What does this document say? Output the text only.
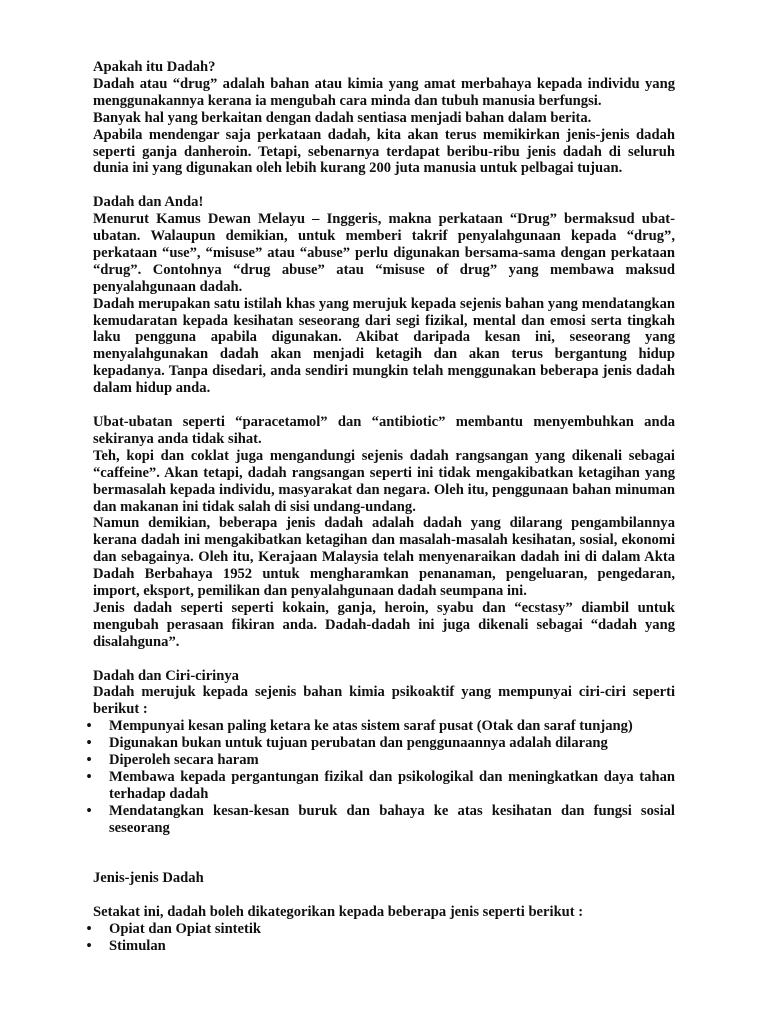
Apakah itu Dadah?

Dadah atau “drug” adalah bahan atau kimia yang amat merbahaya kepada individu yang menggunakannya kerana ia mengubah cara minda dan tubuh manusia berfungsi.

Banyak hal yang berkaitan dengan dadah sentiasa menjadi bahan dalam berita.

Apabila mendengar saja perkataan dadah, kita akan terus memikirkan jenis-jenis dadah seperti ganja danheroin. Tetapi, sebenarnya terdapat beribu-ribu jenis dadah di seluruh dunia ini yang digunakan oleh lebih kurang 200 juta manusia untuk pelbagai tujuan.

Dadah dan Anda!

Menurut Kamus Dewan Melayu – Inggeris, makna perkataan “Drug” bermaksud ubat-ubatan. Walaupun demikian, untuk memberi takrif penyalahgunaan kepada “drug”, perkataan “use”, “misuse” atau “abuse” perlu digunakan bersama-sama dengan perkataan “drug”. Contohnya “drug abuse” atau “misuse of drug” yang membawa maksud penyalahgunaan dadah.

Dadah merupakan satu istilah khas yang merujuk kepada sejenis bahan yang mendatangkan kemudaratan kepada kesihatan seseorang dari segi fizikal, mental dan emosi serta tingkah laku pengguna apabila digunakan. Akibat daripada kesan ini, seseorang yang menyalahgunakan dadah akan menjadi ketagih dan akan terus bergantung hidup kepadanya. Tanpa disedari, anda sendiri mungkin telah menggunakan beberapa jenis dadah dalam hidup anda.

Ubat-ubatan seperti “paracetamol” dan “antibiotic” membantu menyembuhkan anda sekiranya anda tidak sihat.

Teh, kopi dan coklat juga mengandungi sejenis dadah rangsangan yang dikenali sebagai “caffeine”. Akan tetapi, dadah rangsangan seperti ini tidak mengakibatkan ketagihan yang bermasalah kepada individu, masyarakat dan negara. Oleh itu, penggunaan bahan minuman dan makanan ini tidak salah di sisi undang-undang.

Namun demikian, beberapa jenis dadah adalah dadah yang dilarang pengambilannya kerana dadah ini mengakibatkan ketagihan dan masalah-masalah kesihatan, sosial, ekonomi dan sebagainya. Oleh itu, Kerajaan Malaysia telah menyenaraikan dadah ini di dalam Akta Dadah Berbahaya 1952 untuk mengharamkan penanaman, pengeluaran, pengedaran, import, eksport, pemilikan dan penyalahgunaan dadah seumpana ini.

Jenis dadah seperti seperti kokain, ganja, heroin, syabu dan “ecstasy” diambil untuk mengubah perasaan fikiran anda. Dadah-dadah ini juga dikenali sebagai “dadah yang disalahguna”.

Dadah dan Ciri-cirinya

Dadah merujuk kepada sejenis bahan kimia psikoaktif yang mempunyai ciri-ciri seperti berikut :

• Mempunyai kesan paling ketara ke atas sistem saraf pusat (Otak dan saraf tunjang)
• Digunakan bukan untuk tujuan perubatan dan penggunaannya adalah dilarang
• Diperoleh secara haram
• Membawa kepada pergantungan fizikal dan psikologikal dan meningkatkan daya tahan terhadap dadah
• Mendatangkan kesan-kesan buruk dan bahaya ke atas kesihatan dan fungsi sosial seseorang

Jenis-jenis Dadah

Setakat ini, dadah boleh dikategorikan kepada beberapa jenis seperti berikut :

• Opiat dan Opiat sintetik
• Stimulan
